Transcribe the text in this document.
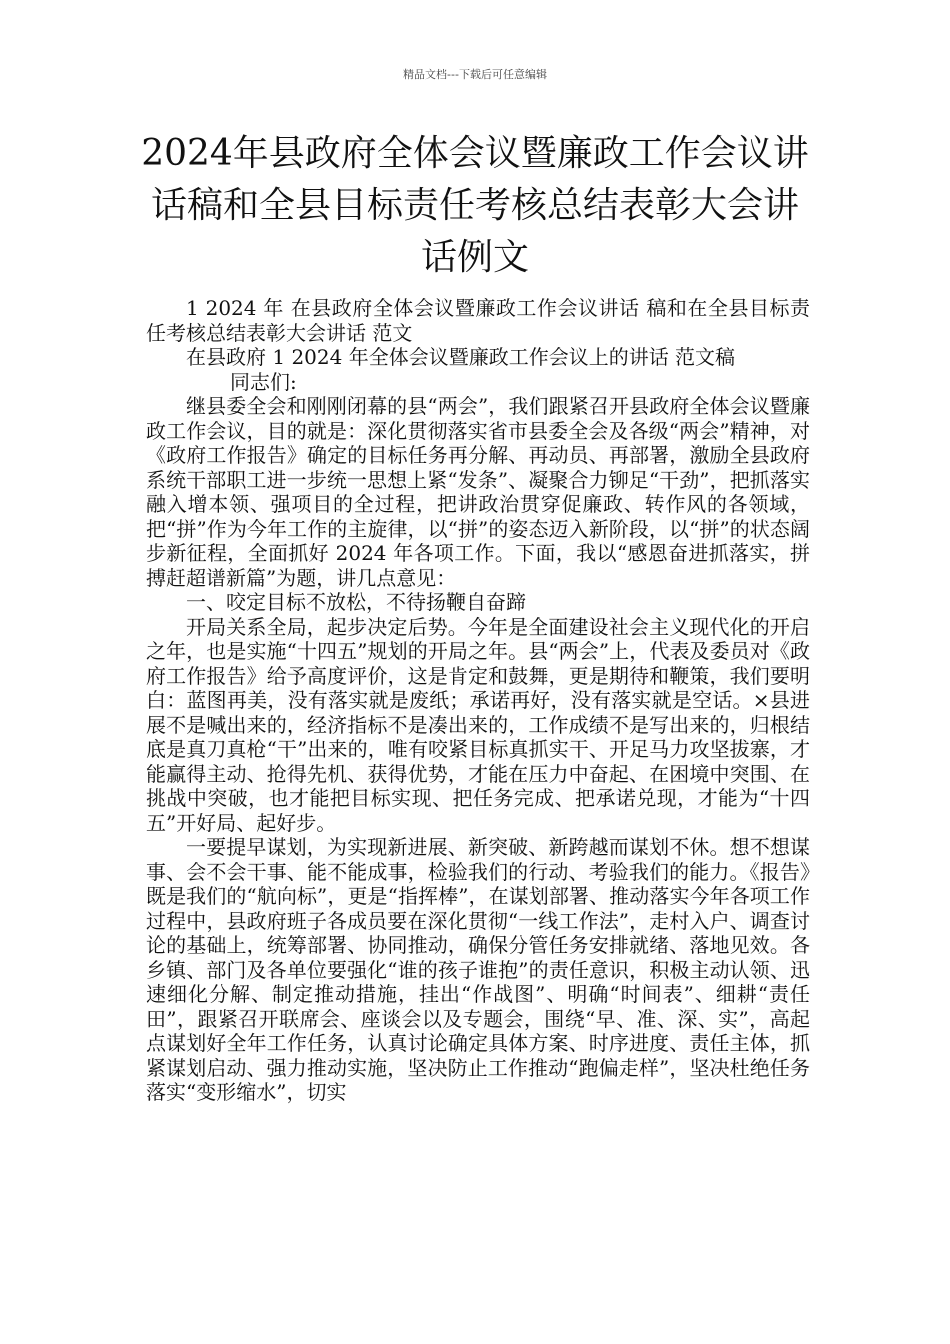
精品文档---下载后可任意编辑
2024年县政府全体会议暨廉政工作会议讲话稿和全县目标责任考核总结表彰大会讲话例文

1 2024 年 在县政府全体会议暨廉政工作会议讲话 稿和在全县目标责任考核总结表彰大会讲话 范文

在县政府 1 2024 年全体会议暨廉政工作会议上的讲话 范文稿

同志们:

继县委全会和刚刚闭幕的县“两会”，我们跟紧召开县政府全体会议暨廉政工作会议，目的就是：深化贯彻落实省市县委全会及各级“两会”精神，对《政府工作报告》确定的目标任务再分解、再动员、再部署，激励全县政府系统干部职工进一步统一思想上紧“发条”、凝聚合力铆足“干劲”，把抓落实融入增本领、强项目的全过程，把讲政治贯穿促廉政、转作风的各领域，把“拼”作为今年工作的主旋律，以“拼”的姿态迈入新阶段，以“拼”的状态阔步新征程，全面抓好 2024 年各项工作。下面，我以“感恩奋进抓落实，拼搏赶超谱新篇”为题，讲几点意见：

一、咬定目标不放松，不待扬鞭自奋蹄

开局关系全局，起步决定后势。今年是全面建设社会主义现代化的开启之年，也是实施“十四五”规划的开局之年。县“两会”上，代表及委员对《政府工作报告》给予高度评价，这是肯定和鼓舞，更是期待和鞭策，我们要明白：蓝图再美，没有落实就是废纸；承诺再好，没有落实就是空话。×县进展不是喊出来的，经济指标不是凑出来的，工作成绩不是写出来的，归根结底是真刀真枪“干”出来的，唯有咬紧目标真抓实干、开足马力攻坚拔寨，才能赢得主动、抢得先机、获得优势，才能在压力中奋起、在困境中突围、在挑战中突破，也才能把目标实现、把任务完成、把承诺兑现，才能为“十四五”开好局、起好步。

一要提早谋划，为实现新进展、新突破、新跨越而谋划不休。想不想谋事、会不会干事、能不能成事，检验我们的行动、考验我们的能力。《报告》既是我们的“航向标”，更是“指挥棒”，在谋划部署、推动落实今年各项工作过程中，县政府班子各成员要在深化贯彻“一线工作法”，走村入户、调查讨论的基础上，统筹部署、协同推动，确保分管任务安排就绪、落地见效。各乡镇、部门及各单位要强化“谁的孩子谁抱”的责任意识，积极主动认领、迅速细化分解、制定推动措施，挂出“作战图”、明确“时间表”、细耕“责任田”，跟紧召开联席会、座谈会以及专题会，围绕“早、准、深、实”，高起点谋划好全年工作任务，认真讨论确定具体方案、时序进度、责任主体，抓紧谋划启动、强力推动实施，坚决防止工作推动“跑偏走样”，坚决杜绝任务落实“变形缩水”，切实
